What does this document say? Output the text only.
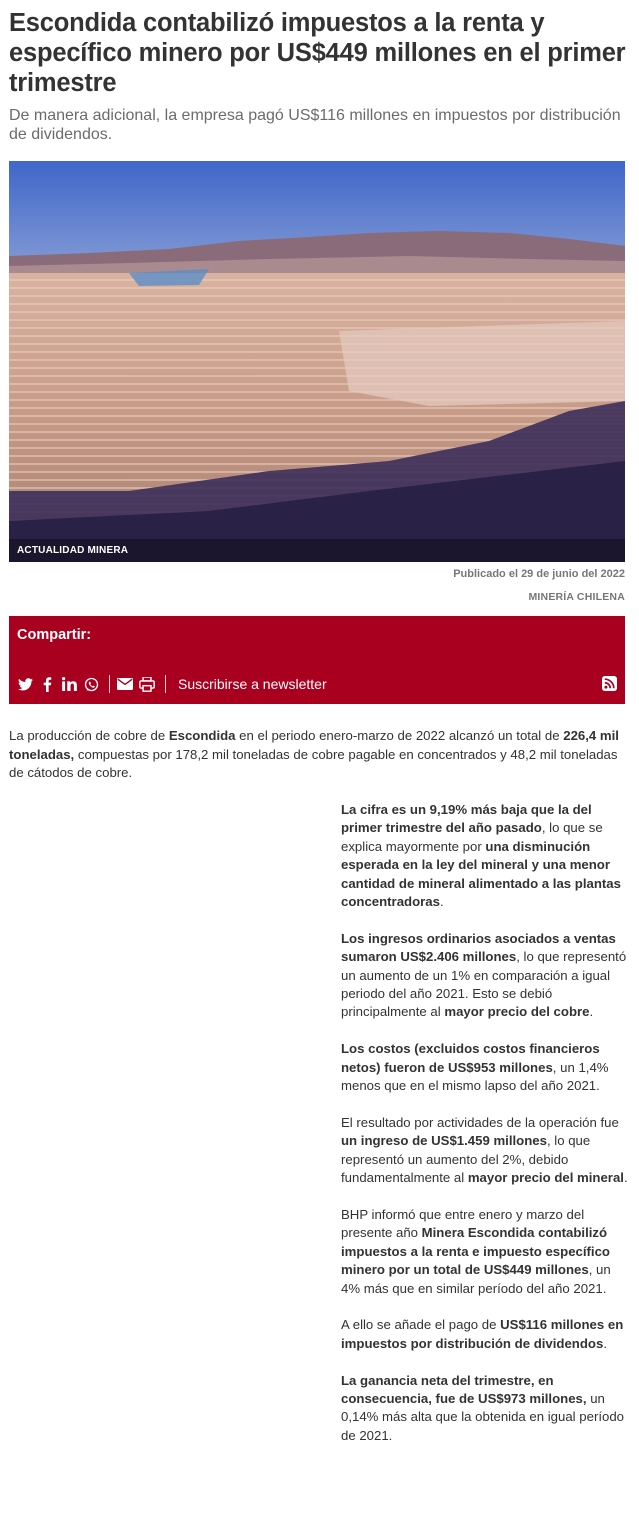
Escondida contabilizó impuestos a la renta y específico minero por US$449 millones en el primer trimestre

De manera adicional, la empresa pagó US$116 millones en impuestos por distribución de dividendos.

ACTUALIDAD MINERA
Publicado el 29 de junio del 2022
MINERÍA CHILENA
Compartir:
Suscribirse a newsletter

La producción de cobre de Escondida en el periodo enero-marzo de 2022 alcanzó un total de 226,4 mil toneladas, compuestas por 178,2 mil toneladas de cobre pagable en concentrados y 48,2 mil toneladas de cátodos de cobre.

La cifra es un 9,19% más baja que la del primer trimestre del año pasado, lo que se explica mayormente por una disminución esperada en la ley del mineral y una menor cantidad de mineral alimentado a las plantas concentradoras.

Los ingresos ordinarios asociados a ventas sumaron US$2.406 millones, lo que representó un aumento de un 1% en comparación a igual periodo del año 2021. Esto se debió principalmente al mayor precio del cobre.

Los costos (excluidos costos financieros netos) fueron de US$953 millones, un 1,4% menos que en el mismo lapso del año 2021.

El resultado por actividades de la operación fue un ingreso de US$1.459 millones, lo que representó un aumento del 2%, debido fundamentalmente al mayor precio del mineral.

BHP informó que entre enero y marzo del presente año Minera Escondida contabilizó impuestos a la renta e impuesto específico minero por un total de US$449 millones, un 4% más que en similar período del año 2021.

A ello se añade el pago de US$116 millones en impuestos por distribución de dividendos.

La ganancia neta del trimestre, en consecuencia, fue de US$973 millones, un 0,14% más alta que la obtenida en igual período de 2021.
